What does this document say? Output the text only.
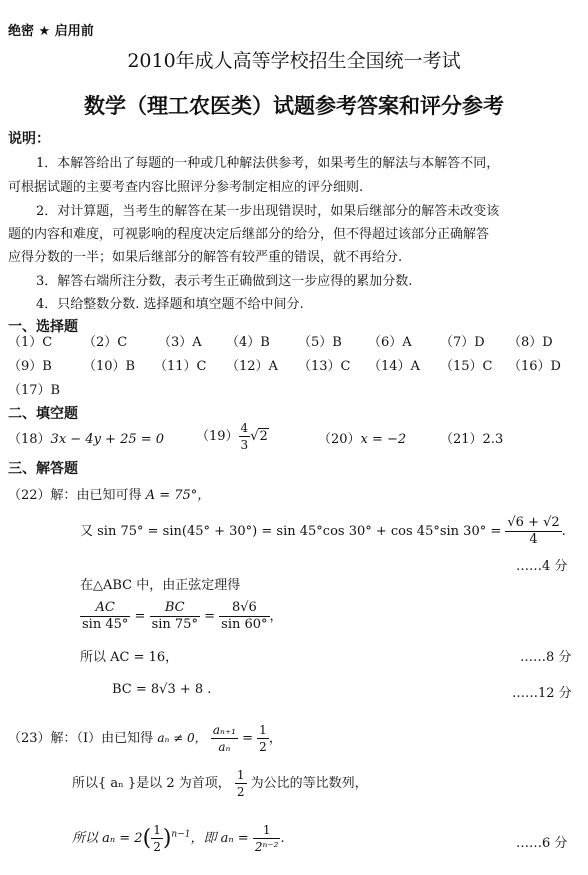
绝密 ★ 启用前
2010年成人高等学校招生全国统一考试
数学（理工农医类）试题参考答案和评分参考
说明：
1．本解答给出了每题的一种或几种解法供参考，如果考生的解法与本解答不同，
可根据试题的主要考查内容比照评分参考制定相应的评分细则.
2．对计算题，当考生的解答在某一步出现错误时，如果后继部分的解答未改变该
题的内容和难度，可视影响的程度决定后继部分的给分，但不得超过该部分正确解答
应得分数的一半；如果后继部分的解答有较严重的错误，就不再给分.
3．解答右端所注分数，表示考生正确做到这一步应得的累加分数.
4．只给整数分数. 选择题和填空题不给中间分.
一、选择题
（1）C （2）C （3）A （4）B （5）B （6）A （7）D （8）D
（9）B （10）B （11）C （12）A （13）C （14）A （15）C （16）D
（17）B
二、填空题
（18）3x − 4y + 25 = 0 $(19) \frac{4}{3} √2$	（20）x = −2	（21）2.3
三、解答题
（22）解：由已知可得 A = 75°，
又 sin 75° = sin(45° + 30°) = sin 45°cos 30° + cos 45°sin $30^\circ = \frac{√6 + √2}{4}$ .
……4 分
在△ABC 中，由正弦定理得
$\frac{AC}{\sin 45^\circ} = \frac{BC}{\sin 75^\circ} = \frac{8√6}{\sin 60^\circ}$ ，
所以 AC = 16，	……8 分
BC = 8√3 + 8 .	……12 分
（23）解：（Ⅰ）由已知得 aₙ ≠ 0， $\frac{\text{aₙ₊₁}}{\text{aₙ}} = \frac{1}{2}$ ，
所以{ aₙ }是以 2 为首项， $\frac{1}{2}$ 为公比的等比数列，
所以 $a_n = 2( \frac{1}{2} )^{n-1}$，即 $a_n = \frac{1}{\text{2ⁿ⁻²}}$ .	……6 分
